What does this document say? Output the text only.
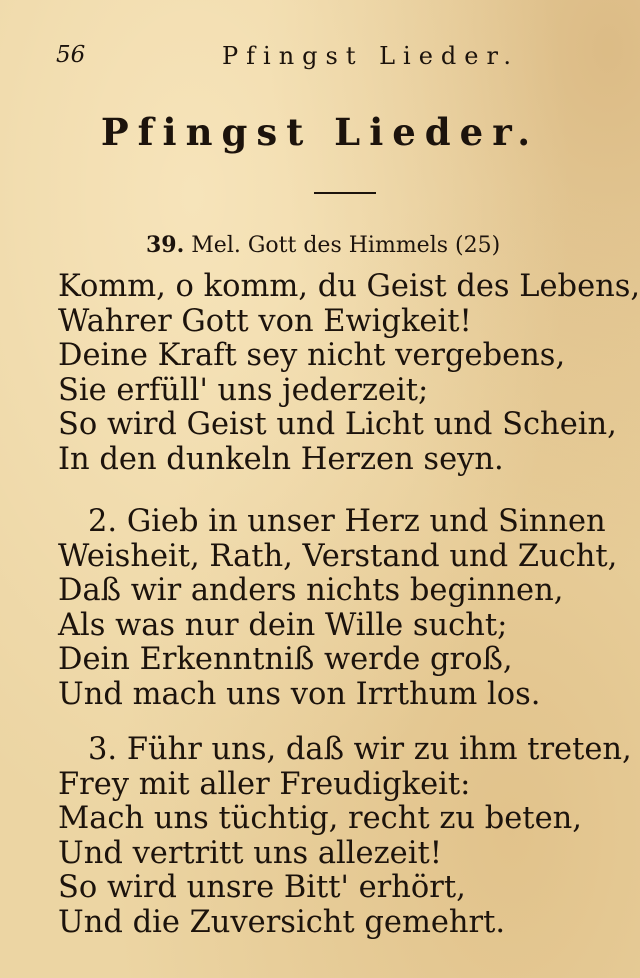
56	Pfingst Lieder.
Pfingst Lieder.
39. Mel. Gott des Himmels (25)
Komm, o komm, du Geist des Lebens,
Wahrer Gott von Ewigkeit!
Deine Kraft sey nicht vergebens,
Sie erfüll' uns jederzeit;
So wird Geist und Licht und Schein,
In den dunkeln Herzen seyn.
2. Gieb in unser Herz und Sinnen
Weisheit, Rath, Verstand und Zucht,
Daß wir anders nichts beginnen,
Als was nur dein Wille sucht;
Dein Erkenntniß werde groß,
Und mach uns von Irrthum los.
3. Führ uns, daß wir zu ihm treten,
Frey mit aller Freudigkeit:
Mach uns tüchtig, recht zu beten,
Und vertritt uns allezeit!
So wird unsre Bitt' erhört,
Und die Zuversicht gemehrt.
